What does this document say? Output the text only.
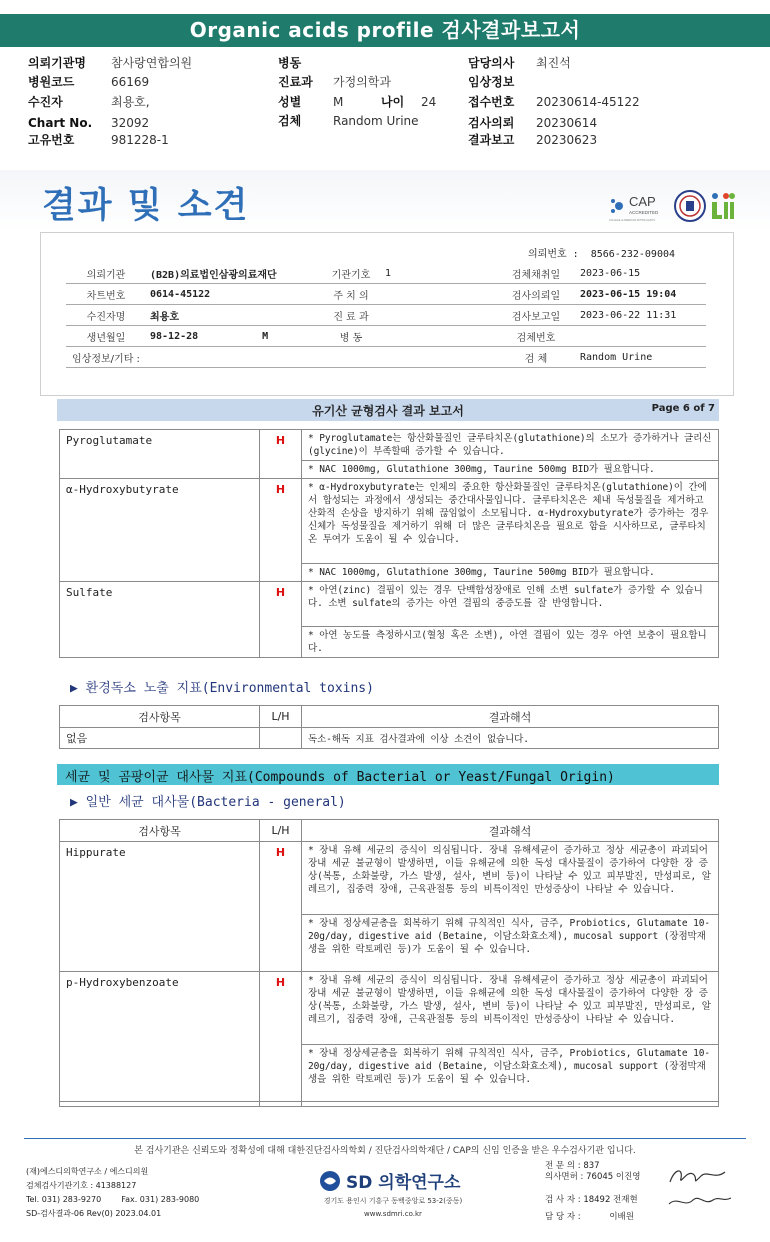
Organic acids profile 검사결과보고서
의뢰기관명 참사랑연합의원
병원코드	66169
수진자	최용호,
Chart No. 32092
고유번호	981228-1
병동
진료과 가정의학과
성별	M	나이 24
검체	Random Urine
담당의사 최진석
임상정보
접수번호 20230614-45122
검사의뢰 20230614
결과보고 20230623
결과 및 소견	CAP
ACCREDITED
COLLEGE of AMERICAN PATHOLOGISTS
의뢰번호 : 8566-232-09004
의뢰기관	(B2B)의료법인삼광의료재단	기관기호	1	검체채취일	2023-06-15
차트번호	0614-45122	주 치 의		검사의뢰일	2023-06-15 19:04
수진자명	최용호	진 료 과		검사보고일	2023-06-22 11:31
생년월일	98-12-28 M	병 동		검체번호	
임상정보/기타 :				검 체	Random Urine
유기산 균형검사 결과 보고서	Page 6 of 7
Pyroglutamate	H	* Pyroglutamate는 항산화물질인 글루타치온(glutathione)의 소모가 증가하거나 글리신(glycine)이 부족할때 증가할 수 있습니다.
		* NAC 1000mg, Glutathione 300mg, Taurine 500mg BID가 필요합니다.
α-Hydroxybutyrate	H	* α-Hydroxybutyrate는 인체의 중요한 항산화물질인 글루타치온(glutathione)이 간에서 합성되는 과정에서 생성되는 중간대사물입니다. 글루타치온은 체내 독성물질을 제거하고 산화적 손상을 방지하기 위해 끊임없이 소모됩니다. α-Hydroxybutyrate가 증가하는 경우 신체가 독성물질을 제거하기 위해 더 많은 글루타치온을 필요로 함을 시사하므로, 글루타치온 투여가 도움이 될 수 있습니다.
		* NAC 1000mg, Glutathione 300mg, Taurine 500mg BID가 필요합니다.
Sulfate	H	* 아연(zinc) 결핍이 있는 경우 단백합성장애로 인해 소변 sulfate가 증가할 수 있습니다. 소변 sulfate의 증가는 아연 결핍의 중증도를 잘 반영합니다.
		* 아연 농도를 측정하시고(혈청 혹은 소변), 아연 결핍이 있는 경우 아연 보충이 필요합니다.
▶ 환경독소 노출 지표(Environmental toxins)
검사항목	L/H	결과해석
없음		독소-해독 지표 검사결과에 이상 소견이 없습니다.
세균 및 곰팡이균 대사물 지표(Compounds of Bacterial or Yeast/Fungal Origin)
▶ 일반 세균 대사물(Bacteria - general)
검사항목	L/H	결과해석
Hippurate	H	* 장내 유해 세균의 증식이 의심됩니다. 장내 유해세균이 증가하고 정상 세균총이 파괴되어 장내 세균 불균형이 발생하면, 이들 유해균에 의한 독성 대사물질이 증가하여 다양한 장 증상(복통, 소화불량, 가스 발생, 설사, 변비 등)이 나타날 수 있고 피부발진, 만성피로, 알레르기, 집중력 장애, 근육관절통 등의 비특이적인 만성증상이 나타날 수 있습니다.
		* 장내 정상세균총을 회복하기 위해 규칙적인 식사, 금주, Probiotics, Glutamate 10-20g/day, digestive aid (Betaine, 이담소화효소제), mucosal support (장점막재생을 위한 락토페린 등)가 도움이 될 수 있습니다.
p-Hydroxybenzoate	H	* 장내 유해 세균의 증식이 의심됩니다. 장내 유해세균이 증가하고 정상 세균총이 파괴되어 장내 세균 불균형이 발생하면, 이들 유해균에 의한 독성 대사물질이 증가하여 다양한 장 증상(복통, 소화불량, 가스 발생, 설사, 변비 등)이 나타날 수 있고 피부발진, 만성피로, 알레르기, 집중력 장애, 근육관절통 등의 비특이적인 만성증상이 나타날 수 있습니다.
		* 장내 정상세균총을 회복하기 위해 규칙적인 식사, 금주, Probiotics, Glutamate 10-20g/day, digestive aid (Betaine, 이담소화효소제), mucosal support (장점막재생을 위한 락토페린 등)가 도움이 될 수 있습니다.

본 검사기관은 신뢰도와 정확성에 대해 대한진단검사의학회 / 진단검사의학재단 / CAP의 신임 인증을 받은 우수검사기관 입니다.
(재)에스디의학연구소 / 에스디의원
검체검사기관기호 : 41388127
Tel. 031) 283-9270	Fax. 031) 283-9080
SD-검사결과-06 Rev(0) 2023.04.01
SD 의학연구소
경기도 용인시 기흥구 동백중앙로 53-2(중동)
www.sdmri.co.kr
전 문 의 : 837
의사면허 : 76045 이진영
검 사 자 : 18492 전재현
담 당 자 :	이배원
